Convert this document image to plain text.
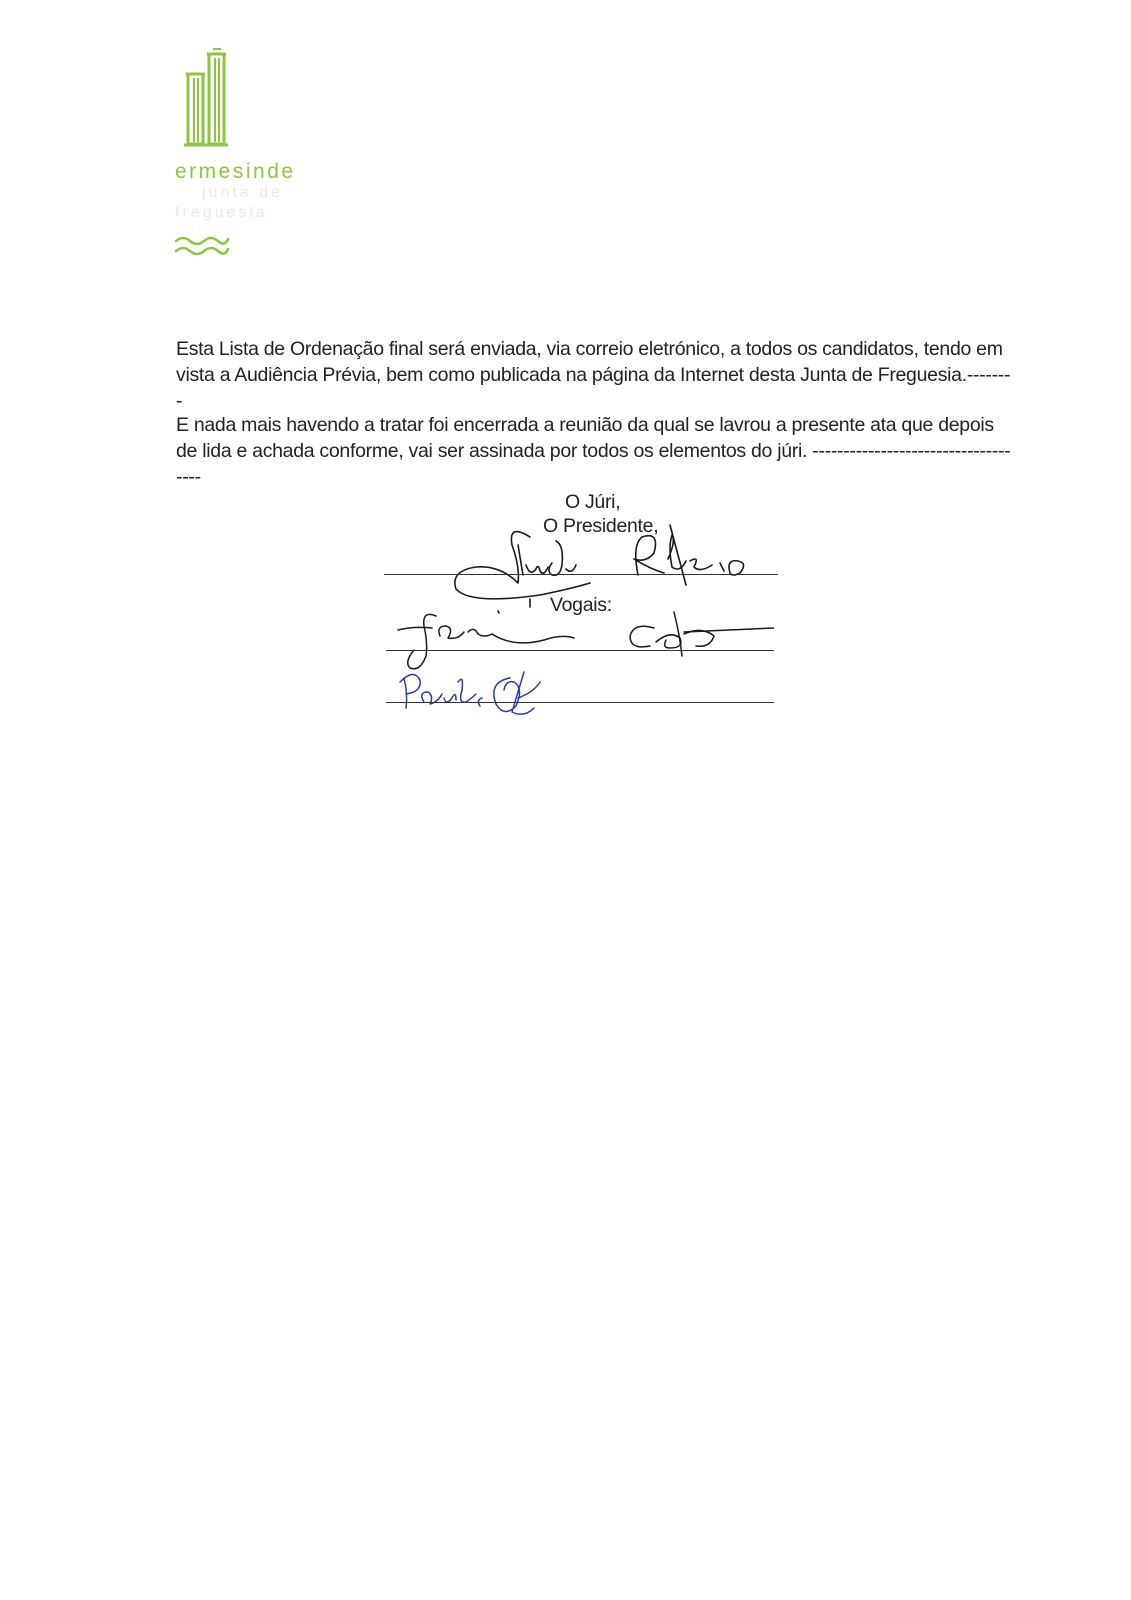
ermesinde
junta de
freguesia

Esta Lista de Ordenação final será enviada, via correio eletrónico, a todos os candidatos, tendo em vista a Audiência Prévia, bem como publicada na página da Internet desta Junta de Freguesia.--------

E nada mais havendo a tratar foi encerrada a reunião da qual se lavrou a presente ata que depois de lida e achada conforme, vai ser assinada por todos os elementos do júri. ------------------------------------

O Júri,
O Presidente,
Vogais:
